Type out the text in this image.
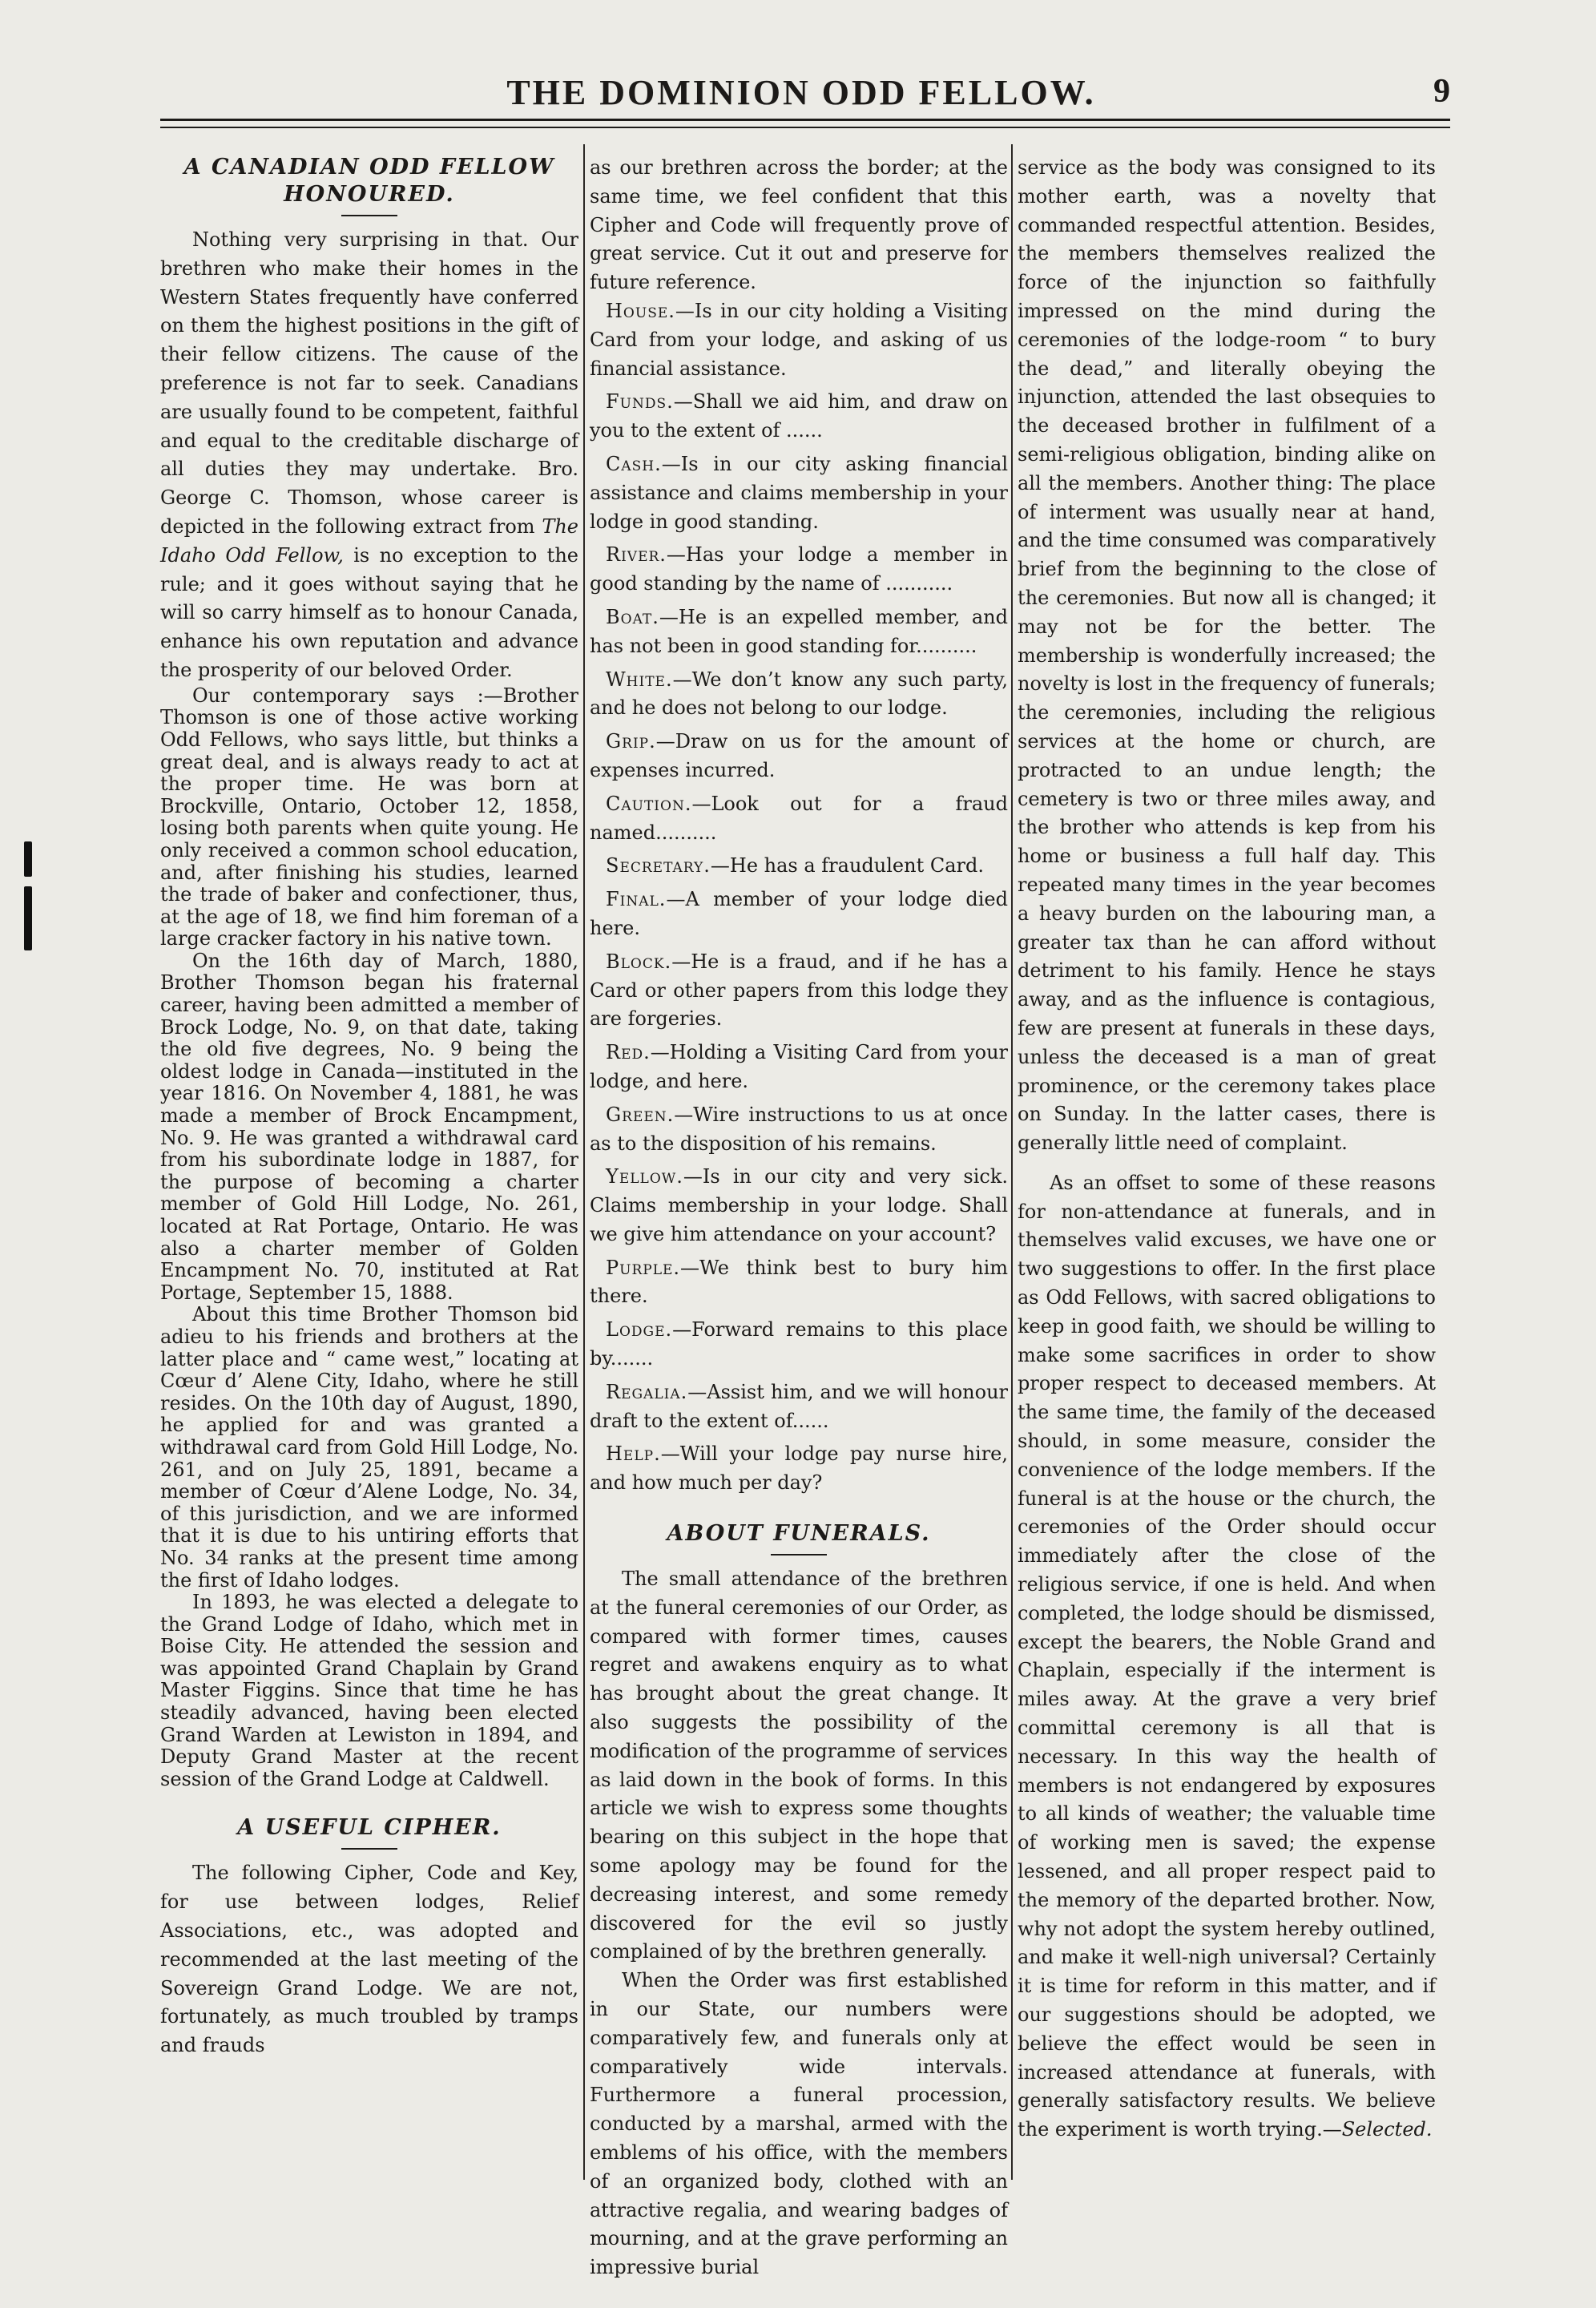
THE DOMINION ODD FELLOW.	9
A CANADIAN ODD FELLOW
HONOURED.

Nothing very surprising in that. Our brethren who make their homes in the Western States frequently have conferred on them the highest positions in the gift of their fellow citizens. The cause of the preference is not far to seek. Canadians are usually found to be competent, faithful and equal to the creditable discharge of all duties they may undertake. Bro. George C. Thomson, whose career is depicted in the following extract from The Idaho Odd Fellow, is no exception to the rule; and it goes without saying that he will so carry himself as to honour Canada, enhance his own reputation and advance the prosperity of our beloved Order.

Our contemporary says :—Brother Thomson is one of those active working Odd Fellows, who says little, but thinks a great deal, and is always ready to act at the proper time. He was born at Brockville, Ontario, October 12, 1858, losing both parents when quite young. He only received a common school education, and, after finishing his studies, learned the trade of baker and confectioner, thus, at the age of 18, we find him foreman of a large cracker factory in his native town.

On the 16th day of March, 1880, Brother Thomson began his fraternal career, having been admitted a member of Brock Lodge, No. 9, on that date, taking the old five degrees, No. 9 being the oldest lodge in Canada—instituted in the year 1816. On November 4, 1881, he was made a member of Brock Encampment, No. 9. He was granted a withdrawal card from his subordinate lodge in 1887, for the purpose of becoming a charter member of Gold Hill Lodge, No. 261, located at Rat Portage, Ontario. He was also a charter member of Golden Encampment No. 70, instituted at Rat Portage, September 15, 1888.

About this time Brother Thomson bid adieu to his friends and brothers at the latter place and “ came west,” locating at Cœur d’ Alene City, Idaho, where he still resides. On the 10th day of August, 1890, he applied for and was granted a withdrawal card from Gold Hill Lodge, No. 261, and on July 25, 1891, became a member of Cœur d’Alene Lodge, No. 34, of this jurisdiction, and we are informed that it is due to his untiring efforts that No. 34 ranks at the present time among the first of Idaho lodges.

In 1893, he was elected a delegate to the Grand Lodge of Idaho, which met in Boise City. He attended the session and was appointed Grand Chaplain by Grand Master Figgins. Since that time he has steadily advanced, having been elected Grand Warden at Lewiston in 1894, and Deputy Grand Master at the recent session of the Grand Lodge at Caldwell.

A USEFUL CIPHER.

The following Cipher, Code and Key, for use between lodges, Relief Associations, etc., was adopted and recommended at the last meeting of the Sovereign Grand Lodge. We are not, fortunately, as much troubled by tramps and frauds

as our brethren across the border; at the same time, we feel confident that this Cipher and Code will frequently prove of great service. Cut it out and preserve for future reference.

House.—Is in our city holding a Visiting Card from your lodge, and asking of us financial assistance.

Funds.—Shall we aid him, and draw on you to the extent of ......

Cash.—Is in our city asking financial assistance and claims membership in your lodge in good standing.

River.—Has your lodge a member in good standing by the name of ...........

Boat.—He is an expelled member, and has not been in good standing for..........

White.—We don’t know any such party, and he does not belong to our lodge.

Grip.—Draw on us for the amount of expenses incurred.

Caution.—Look out for a fraud named..........

Secretary.—He has a fraudulent Card.

Final.—A member of your lodge died here.

Block.—He is a fraud, and if he has a Card or other papers from this lodge they are forgeries.

Red.—Holding a Visiting Card from your lodge, and here.

Green.—Wire instructions to us at once as to the disposition of his remains.

Yellow.—Is in our city and very sick. Claims membership in your lodge. Shall we give him attendance on your account?

Purple.—We think best to bury him there.

Lodge.—Forward remains to this place by.......

Regalia.—Assist him, and we will honour draft to the extent of......

Help.—Will your lodge pay nurse hire, and how much per day?

ABOUT FUNERALS.

The small attendance of the brethren at the funeral ceremonies of our Order, as compared with former times, causes regret and awakens enquiry as to what has brought about the great change. It also suggests the possibility of the modification of the programme of services as laid down in the book of forms. In this article we wish to express some thoughts bearing on this subject in the hope that some apology may be found for the decreasing interest, and some remedy discovered for the evil so justly complained of by the brethren generally.

When the Order was first established in our State, our numbers were comparatively few, and funerals only at comparatively wide intervals. Furthermore a funeral procession, conducted by a marshal, armed with the emblems of his office, with the members of an organized body, clothed with an attractive regalia, and wearing badges of mourning, and at the grave performing an impressive burial

service as the body was consigned to its mother earth, was a novelty that commanded respectful attention. Besides, the members themselves realized the force of the injunction so faithfully impressed on the mind during the ceremonies of the lodge-room “ to bury the dead,” and literally obeying the injunction, attended the last obsequies to the deceased brother in fulfilment of a semi-religious obligation, binding alike on all the members. Another thing: The place of interment was usually near at hand, and the time consumed was comparatively brief from the beginning to the close of the ceremonies. But now all is changed; it may not be for the better. The membership is wonderfully increased; the novelty is lost in the frequency of funerals; the ceremonies, including the religious services at the home or church, are protracted to an undue length; the cemetery is two or three miles away, and the brother who attends is kep from his home or business a full half day. This repeated many times in the year becomes a heavy burden on the labouring man, a greater tax than he can afford without detriment to his family. Hence he stays away, and as the influence is contagious, few are present at funerals in these days, unless the deceased is a man of great prominence, or the ceremony takes place on Sunday. In the latter cases, there is generally little need of complaint.

As an offset to some of these reasons for non-attendance at funerals, and in themselves valid excuses, we have one or two suggestions to offer. In the first place as Odd Fellows, with sacred obligations to keep in good faith, we should be willing to make some sacrifices in order to show proper respect to deceased members. At the same time, the family of the deceased should, in some measure, consider the convenience of the lodge members. If the funeral is at the house or the church, the ceremonies of the Order should occur immediately after the close of the religious service, if one is held. And when completed, the lodge should be dismissed, except the bearers, the Noble Grand and Chaplain, especially if the interment is miles away. At the grave a very brief committal ceremony is all that is necessary. In this way the health of members is not endangered by exposures to all kinds of weather; the valuable time of working men is saved; the expense lessened, and all proper respect paid to the memory of the departed brother. Now, why not adopt the system hereby outlined, and make it well-nigh universal? Certainly it is time for reform in this matter, and if our suggestions should be adopted, we believe the effect would be seen in increased attendance at funerals, with generally satisfactory results. We believe the experiment is worth trying.—Selected.
